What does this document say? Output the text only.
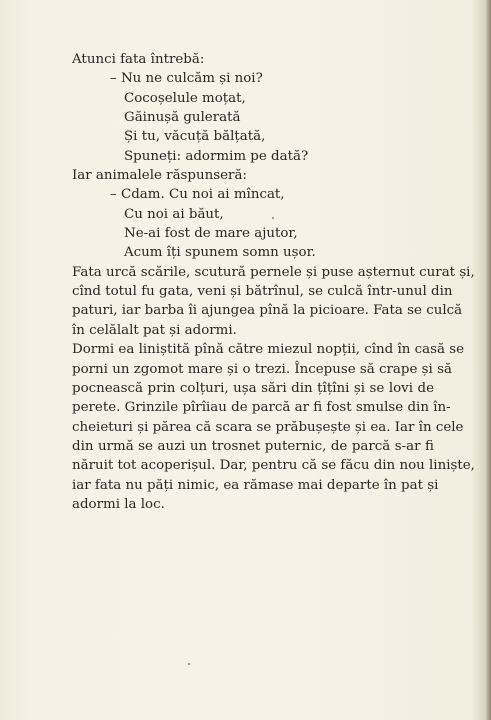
Atunci fata întrebă:
– Nu ne culcăm și noi?
Cocoșelule moțat,
Găinușă gulerată
Și tu, văcuță bălțată,
Spuneți: adormim pe dată?
Iar animalele răspunseră:
– Cdam. Cu noi ai mîncat,
Cu noi ai băut,
Ne-ai fost de mare ajutor,
Acum îți spunem somn ușor.
Fata urcă scările, scutură pernele și puse așternut curat și,
cînd totul fu gata, veni și bătrînul, se culcă într-unul din
paturi, iar barba îi ajungea pînă la picioare. Fata se culcă
în celălalt pat și adormi.
Dormi ea liniștită pînă către miezul nopții, cînd în casă se
porni un zgomot mare și o trezi. Începuse să crape și să
pocnească prin colțuri, ușa sări din țîțîni și se lovi de
perete. Grinzile pîrîiau de parcă ar fi fost smulse din în-
cheieturi și părea că scara se prăbușește și ea. Iar în cele
din urmă se auzi un trosnet puternic, de parcă s-ar fi
năruit tot acoperișul. Dar, pentru că se făcu din nou liniște,
iar fata nu păți nimic, ea rămase mai departe în pat și
adormi la loc.
